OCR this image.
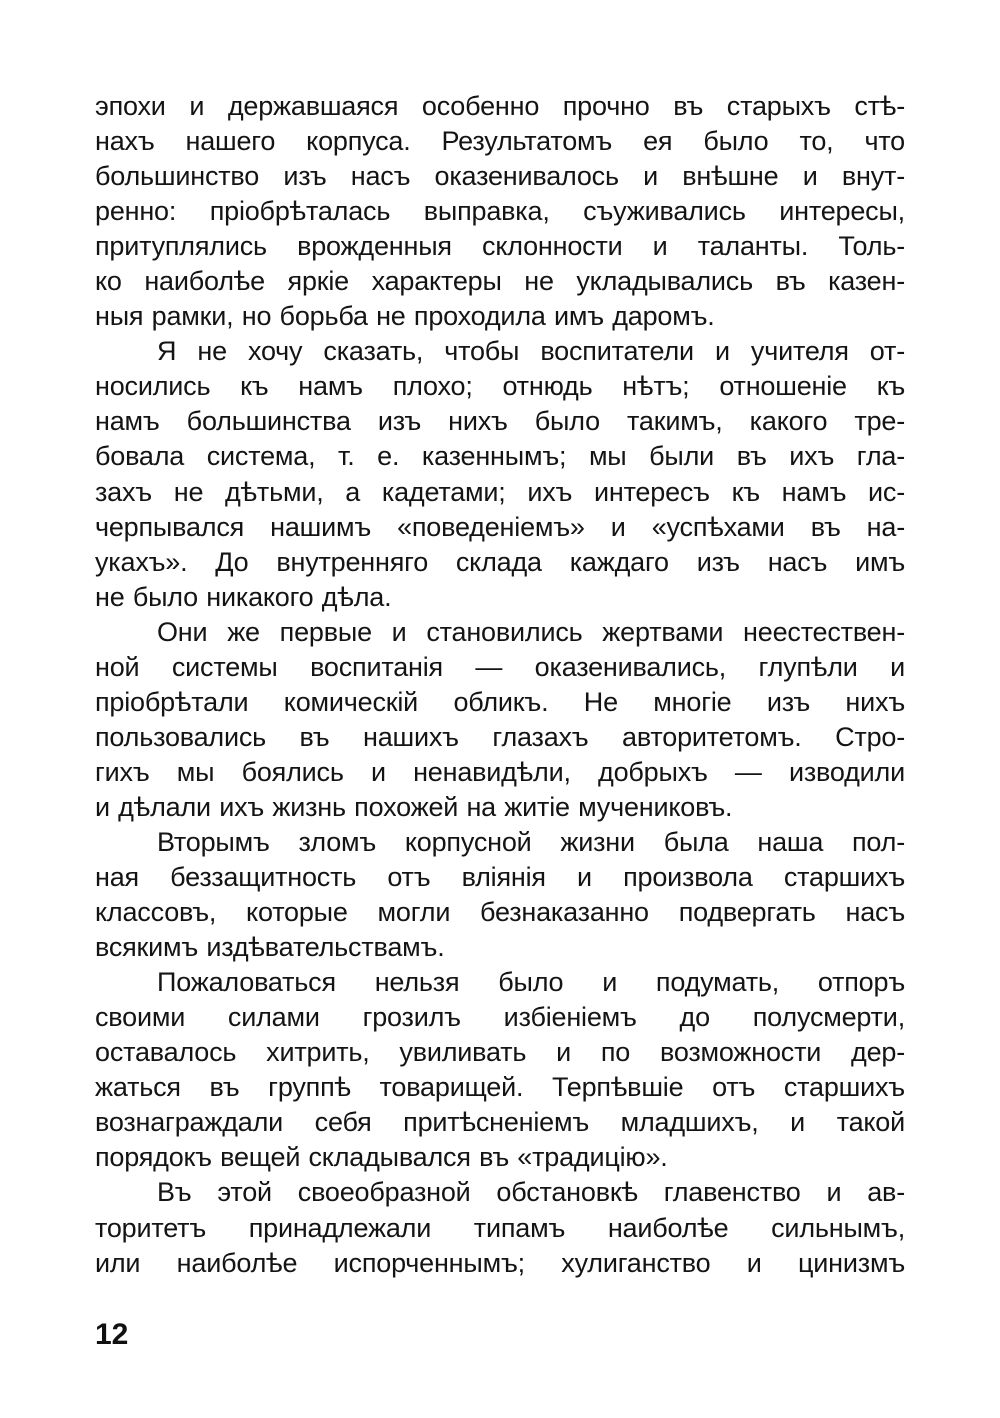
эпохи и державшаяся особенно прочно въ старыхъ стѣ-
нахъ нашего корпуса. Результатомъ ея было то, что
большинство изъ насъ оказенивалось и внѣшне и внут-
ренно: пріобрѣталась выправка, съуживались интересы,
притуплялись врожденныя склонности и таланты. Толь-
ко наиболѣе яркіе характеры не укладывались въ казен-
ныя рамки, но борьба не проходила имъ даромъ.
Я не хочу сказать, чтобы воспитатели и учителя от-
носились къ намъ плохо; отнюдь нѣтъ; отношеніе къ
намъ большинства изъ нихъ было такимъ, какого тре-
бовала система, т. е. казеннымъ; мы были въ ихъ гла-
захъ не дѣтьми, а кадетами; ихъ интересъ къ намъ ис-
черпывался нашимъ «поведеніемъ» и «успѣхами въ на-
укахъ». До внутренняго склада каждаго изъ насъ имъ
не было никакого дѣла.
Они же первые и становились жертвами неестествен-
ной системы воспитанія — оказенивались, глупѣли и
пріобрѣтали комическій обликъ. Не многіе изъ нихъ
пользовались въ нашихъ глазахъ авторитетомъ. Стро-
гихъ мы боялись и ненавидѣли, добрыхъ — изводили
и дѣлали ихъ жизнь похожей на житіе мучениковъ.
Вторымъ зломъ корпусной жизни была наша пол-
ная беззащитность отъ вліянія и произвола старшихъ
классовъ, которые могли безнаказанно подвергать насъ
всякимъ издѣвательствамъ.
Пожаловаться нельзя было и подумать, отпоръ
своими силами грозилъ избіеніемъ до полусмерти,
оставалось хитрить, увиливать и по возможности дер-
жаться въ группѣ товарищей. Терпѣвшіе отъ старшихъ
вознаграждали себя притѣсненіемъ младшихъ, и такой
порядокъ вещей складывался въ «традицію».
Въ этой своеобразной обстановкѣ главенство и ав-
торитетъ принадлежали типамъ наиболѣе сильнымъ,
или наиболѣе испорченнымъ; хулиганство и цинизмъ
12
